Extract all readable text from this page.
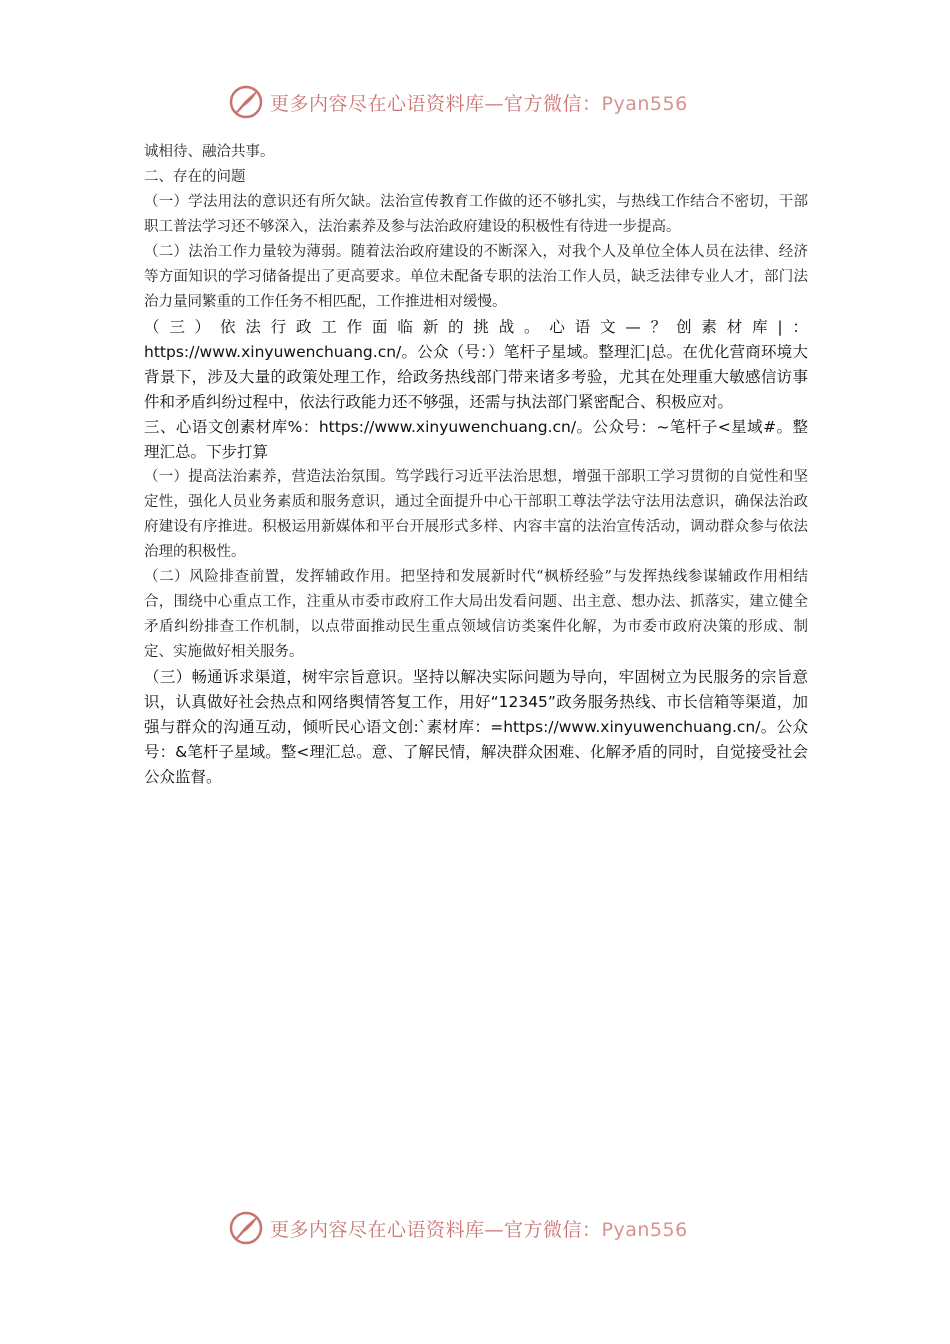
更多内容尽在心语资料库—官方微信：Pyan556

诚相待、融洽共事。

二、存在的问题

（一）学法用法的意识还有所欠缺。法治宣传教育工作做的还不够扎实，与热线工作结合不密切，干部职工普法学习还不够深入，法治素养及参与法治政府建设的积极性有待进一步提高。

（二）法治工作力量较为薄弱。随着法治政府建设的不断深入，对我个人及单位全体人员在法律、经济等方面知识的学习储备提出了更高要求。单位未配备专职的法治工作人员，缺乏法律专业人才，部门法治力量同繁重的工作任务不相匹配，工作推进相对缓慢。

（三）依法行政工作面临新的挑战。心语文—？创素材库|：https://www.xinyuwenchuang.cn/。公众（号：）笔杆子星域。整理汇|总。在优化营商环境大背景下，涉及大量的政策处理工作，给政务热线部门带来诸多考验，尤其在处理重大敏感信访事件和矛盾纠纷过程中，依法行政能力还不够强，还需与执法部门紧密配合、积极应对。

三、心语文创素材库%：https://www.xinyuwenchuang.cn/。公众号：~笔杆子<星域#。整理汇总。下步打算

（一）提高法治素养，营造法治氛围。笃学践行习近平法治思想，增强干部职工学习贯彻的自觉性和坚定性，强化人员业务素质和服务意识，通过全面提升中心干部职工尊法学法守法用法意识，确保法治政府建设有序推进。积极运用新媒体和平台开展形式多样、内容丰富的法治宣传活动，调动群众参与依法治理的积极性。

（二）风险排查前置，发挥辅政作用。把坚持和发展新时代“枫桥经验”与发挥热线参谋辅政作用相结合，围绕中心重点工作，注重从市委市政府工作大局出发看问题、出主意、想办法、抓落实，建立健全矛盾纠纷排查工作机制，以点带面推动民生重点领域信访类案件化解，为市委市政府决策的形成、制定、实施做好相关服务。

（三）畅通诉求渠道，树牢宗旨意识。坚持以解决实际问题为导向，牢固树立为民服务的宗旨意识，认真做好社会热点和网络舆情答复工作，用好“12345”政务服务热线、市长信箱等渠道，加强与群众的沟通互动，倾听民心语文创:`素材库：=https://www.xinyuwenchuang.cn/。公众号：&笔杆子星域。整<理汇总。意、了解民情，解决群众困难、化解矛盾的同时，自觉接受社会公众监督。

更多内容尽在心语资料库—官方微信：Pyan556
